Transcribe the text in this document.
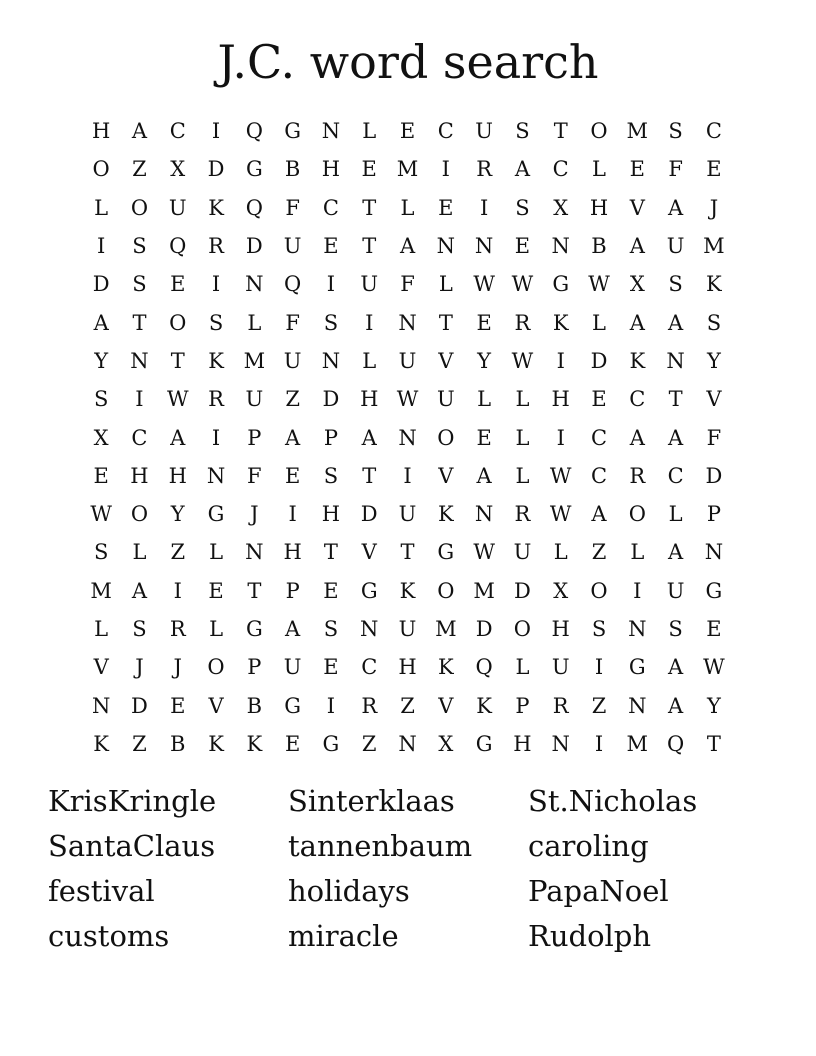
J.C. word search
H	A	C	I	Q	G N	L	E	C	U	S	T	O M S	C
O	Z	X	D	G	B	H	E M	I	R	A	C	L	E	F	E
L	O U	K	Q	F	C	T	L	E	I	S	X	H	V	A	J
I	S	Q	R	D	U	E	T	A	N N	E	N	B	A	U M
D	S	E	I	N Q	I	U	F	L W W G W X	S	K
A	T	O	S	L	F	S	I	N	T	E	R	K	L	A	A	S
Y	N	T	K M U N	L	U	V	Y W	I	D	K	N	Y
S	I	W R	U	Z	D H W U	L	L	H	E	C	T	V
X	C	A	I	P	A	P	A	N O	E	L	I	C	A	A	F
E	H H N	F	E	S	T	I	V	A	L W C	R	C	D
W O	Y	G	J	I	H D	U	K	N	R W A	O	L	P
S	L	Z	L	N H	T	V	T	G W U	L	Z	L	A	N
M A	I	E	T	P	E	G	K	O M D	X	O	I	U	G
L	S	R	L	G	A	S	N U M D	O H	S	N	S	E
V	J	J	O	P	U	E	C	H	K	Q	L	U	I	G	A W
N D	E	V	B	G	I	R	Z	V	K	P	R	Z	N	A	Y
K	Z	B	K	K	E	G	Z	N	X	G H N	I	M Q	T
KrisKringle	Sinterklaas	St.Nicholas
SantaClaus	tannenbaum	caroling
festival	holidays	PapaNoel
customs	miracle	Rudolph
